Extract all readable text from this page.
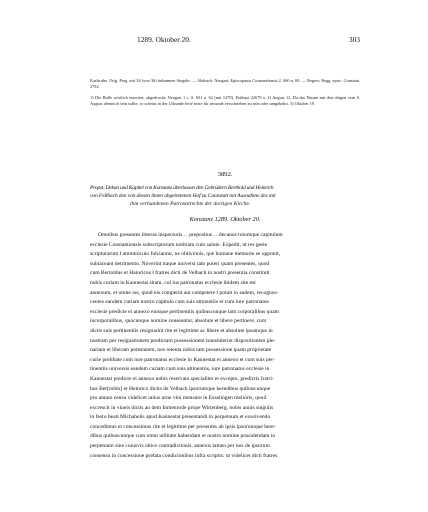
1289. Oktober 20.	303

Karlsruhe. Orig. Perg. mit 34 (von 36) bekannten Siegeln. — Abdruck: Neugart, Episcopatus Constantiensis 2, 660 n. 69. — Regest: Regg. episc. Constant. 2792.

1) Die Bulle wörtlich inseriert; abgedruckt: Neugart 1 c. S. 651 n. 62 (mit 1279). Potthast 22679 a. 2) August 12. Da das Datum mit den obigen vom 6. August identisch sein sollte, so scheint in der Urkunde ferie sexte für secunde verschrieben zu sein oder umgekehrt. 3) Oktober 19.

3892.
Propst, Dekan und Kapitel von Konstanz überlassen den Gebrüdern Berthold und Heinrich
von Fellbach den von diesen ihnen abgetretenen Hof zu Cannstatt mit Ausnahme des mit
ihm verbundenen Patronatrechts der dortigen Kirche.
Konstanz 1289. Oktober 20.
Omnibus presentes litteras inspecturis . . prepositus . . decanus totumque capitulum
ecclesie Constantiensis subscriptorum notitiam cum salute. Expedit, ut res geste
scripturarum ‖ amminiculo fulciantur, ne oblivionis, que humane memorie se opponit,
subiaceant detrimento. Noverint itaque universi tam poteri quam presentes, quod
cum Bertoldus et Hainricus ‖ fratres dicti de Velbach in nostri presentia constituti
nobis curiam in Kannestat sitam, cui ius patronatus ecclesie ibidem site est
annexum, et omne ius, quod eis competiit aut competere ‖ potuit in eadem, recognos-
centes eandem curiam nostro capitulo cum suis attinentiis et cum iure patronatus
ecclesie predicte ei annexo euisque pertinentiis quibuscunque tam corporalibus quam
incorporalibus, quocunque nomine censeantur, absolute et libere pertinere, cum
dictis suis pertinentiis resignarint rite et legittime ac libere et absolute ipsamque in
nostram per resignationem predictam possessionem transtulerint dispositionem ple-
nariam et liberam potestatem, nos retenta nobis tam possessione quam proprietate
curie prelibate cum iure patronatus ecclesie in Kannestat ei annexo et cum suis per-
tinentiis universis eandem curiam cum suis attinentiis, iure patronatus ecclesie in
Kannestat predicte ei annexo nobis reservato specialiter et excepto, predictis fratri-
bus Ber[toldo] et Heinrico dictis de Velbach ipsorumque heredibus quibuscunque
pro annuo censu videlicet unius urne vini mensure in Esselingen melioris, quod
excrescit in vineis dictis an dem Inmenrode prope Wirtenberg, nobis annis singulis
in festo beati Michahelis apud Kannestat presentandi in perpetuum et exsolvendo
concedimus et concessimus rite et legittime per presentes ab ipsis ipsorumque here-
dibus quibuscunque cum omni utilitate habendam et nostro nomine possidendam in
perpetuum sine cuiusvis obice contradictionis, annexis tamen per nos de ipsorum
consensu in concessione prefata condicionibus infra scriptis: ut videlicet dicti fratres
